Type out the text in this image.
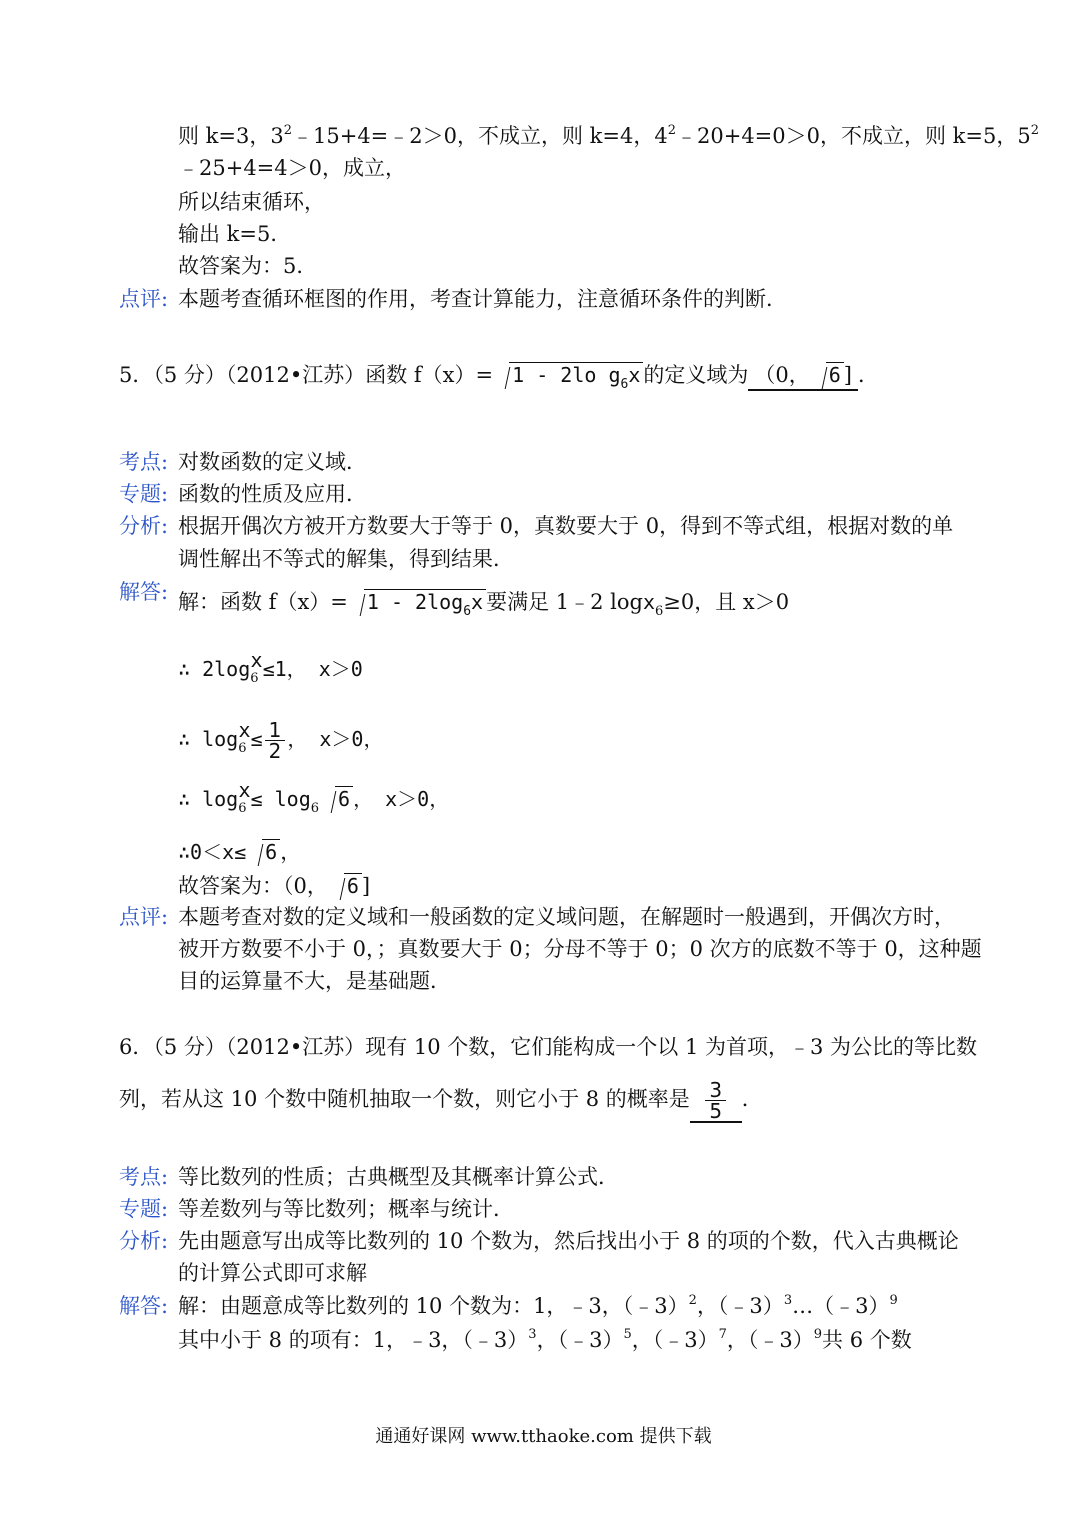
则 k=3，$3^2﹣15+4=﹣2>0$，不成立，则 k=4，$4^2﹣20+4=0>0$，不成立，则 k=5，$5^2$
﹣25+4=4＞0，成立，
所以结束循环，
输出 k=5．
故答案为：5．
点评: 本题考查循环框图的作用，考查计算能力，注意循环条件的判断．
5．（5 分）（2012•江苏）函数 f（x）= 1 - 2lo $g_6x$ 的定义域为 （0， 6 ] ．
考点: 对数函数的定义域．
专题: 函数的性质及应用．
分析: 根据开偶次方被开方数要大于等于 0，真数要大于 0，得到不等式组，根据对数的单
调性解出不等式的解集，得到结果．
解答: 解：函数 $f(x)= 1 - 2\log_6x$ 要满足 1﹣2 logx$_6$≥0，且 x＞0
∴ $2\log_6^x\le 1$， x＞0
∴ $\log_6^x\le \frac{1}{2}$ ， x＞0，
∴ $\log_6^x\le \log_6 6$ ， x＞0，
∴0＜x≤ 6 ，
故答案为：（0， 6 ]
点评: 本题考查对数的定义域和一般函数的定义域问题，在解题时一般遇到，开偶次方时，
被开方数要不小于 0，；真数要大于 0；分母不等于 0；0 次方的底数不等于 0，这种题
目的运算量不大，是基础题．
6．（5 分）（2012•江苏）现有 10 个数，它们能构成一个以 1 为首项，﹣3 为公比的等比数
列，若从这 10 个数中随机抽取一个数，则它小于 8 的概率是 $\frac{3}{5}$ ．
考点: 等比数列的性质；古典概型及其概率计算公式．
专题: 等差数列与等比数列；概率与统计．
分析: 先由题意写出成等比数列的 10 个数为，然后找出小于 8 的项的个数，代入古典概论
的计算公式即可求解
解答: 解：由题意成等比数列的 10 个数为：1，﹣3，（﹣3）$^2$，（﹣3）$^3$…（﹣3）$^9$
其中小于 8 的项有：1，﹣3，（﹣3）$^3$，（﹣3）$^5$，（﹣3）$^7$，（﹣3）$^9$共 6 个数
通通好课网 www.tthaoke.com 提供下载
